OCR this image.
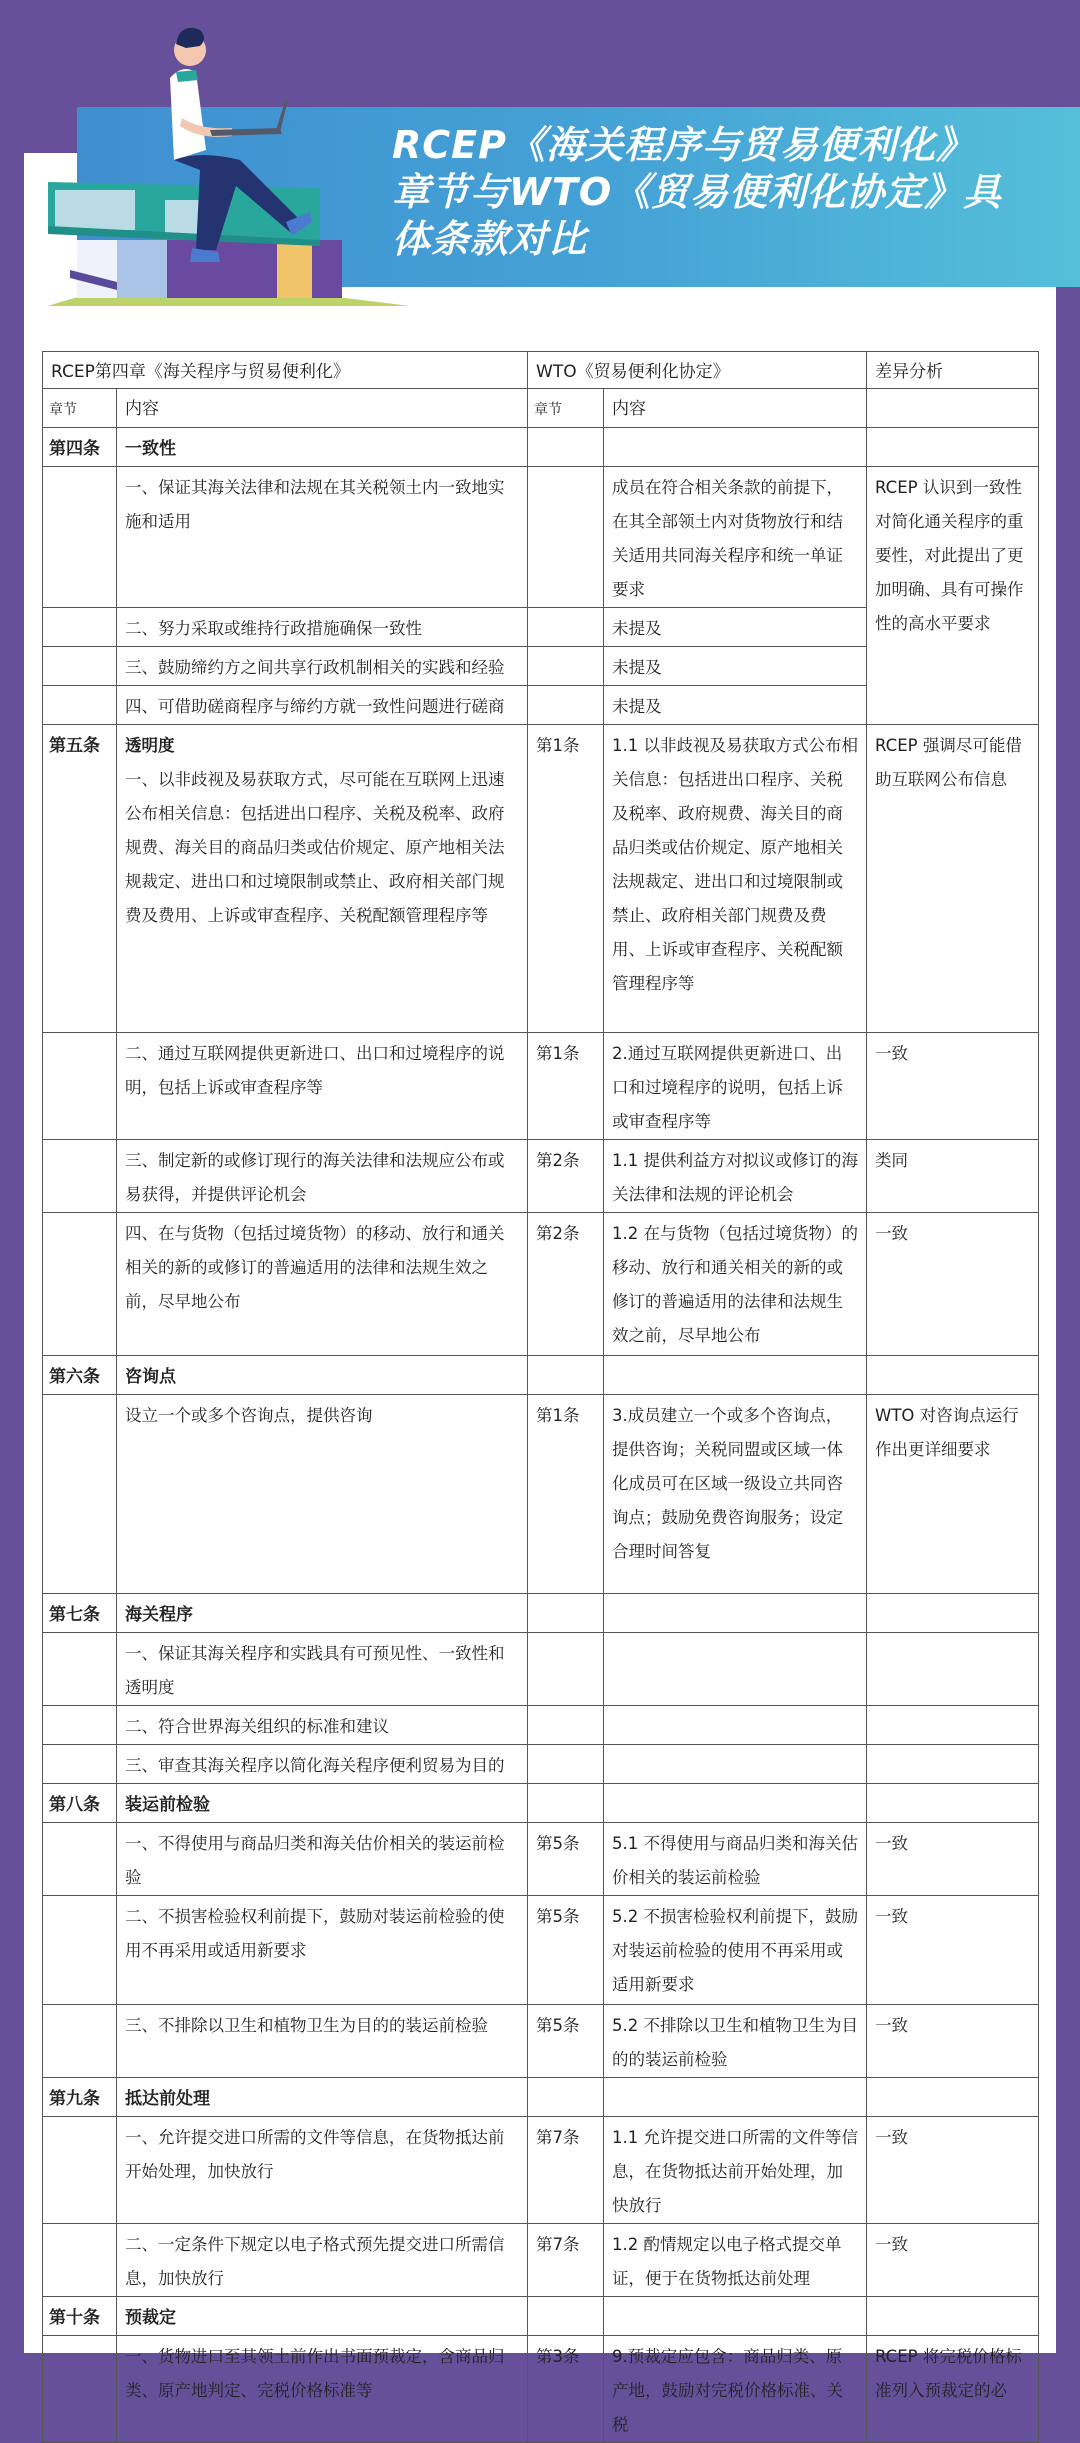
RCEP《海关程序与贸易便利化》
章节与WTO《贸易便利化协定》具
体条款对比
RCEP第四章《海关程序与贸易便利化》		WTO《贸易便利化协定》		差异分析
章节	内容	章节	内容	
第四条	一致性			
	一、保证其海关法律和法规在其关税领土内一致地实施和适用		成员在符合相关条款的前提下，在其全部领土内对货物放行和结关适用共同海关程序和统一单证要求	RCEP 认识到一致性对简化通关程序的重要性，对此提出了更加明确、具有可操作性的高水平要求
	二、努力采取或维持行政措施确保一致性		未提及	
	三、鼓励缔约方之间共享行政机制相关的实践和经验		未提及	
	四、可借助磋商程序与缔约方就一致性问题进行磋商		未提及	
第五条	透明度
一、以非歧视及易获取方式，尽可能在互联网上迅速公布相关信息：包括进出口程序、关税及税率、政府规费、海关目的商品归类或估价规定、原产地相关法规裁定、进出口和过境限制或禁止、政府相关部门规费及费用、上诉或审查程序、关税配额管理程序等	第1条	1.1 以非歧视及易获取方式公布相关信息：包括进出口程序、关税及税率、政府规费、海关目的商品归类或估价规定、原产地相关法规裁定、进出口和过境限制或禁止、政府相关部门规费及费用、上诉或审查程序、关税配额管理程序等	RCEP 强调尽可能借助互联网公布信息
	二、通过互联网提供更新进口、出口和过境程序的说明，包括上诉或审查程序等	第1条	2.通过互联网提供更新进口、出口和过境程序的说明，包括上诉或审查程序等	一致
	三、制定新的或修订现行的海关法律和法规应公布或易获得，并提供评论机会	第2条	1.1 提供利益方对拟议或修订的海关法律和法规的评论机会	类同
	四、在与货物（包括过境货物）的移动、放行和通关相关的新的或修订的普遍适用的法律和法规生效之前，尽早地公布	第2条	1.2 在与货物（包括过境货物）的移动、放行和通关相关的新的或修订的普遍适用的法律和法规生效之前，尽早地公布	一致
第六条	咨询点			
	设立一个或多个咨询点，提供咨询	第1条	3.成员建立一个或多个咨询点，提供咨询；关税同盟或区域一体化成员可在区域一级设立共同咨询点；鼓励免费咨询服务；设定合理时间答复	WTO 对咨询点运行作出更详细要求
第七条	海关程序			
	一、保证其海关程序和实践具有可预见性、一致性和透明度			
	二、符合世界海关组织的标准和建议			
	三、审查其海关程序以简化海关程序便利贸易为目的			
第八条	装运前检验			
	一、不得使用与商品归类和海关估价相关的装运前检验	第5条	5.1 不得使用与商品归类和海关估价相关的装运前检验	一致
	二、不损害检验权利前提下，鼓励对装运前检验的使用不再采用或适用新要求	第5条	5.2 不损害检验权利前提下，鼓励对装运前检验的使用不再采用或适用新要求	一致
	三、不排除以卫生和植物卫生为目的的装运前检验	第5条	5.2 不排除以卫生和植物卫生为目的的装运前检验	一致
第九条	抵达前处理			
	一、允许提交进口所需的文件等信息，在货物抵达前开始处理，加快放行	第7条	1.1 允许提交进口所需的文件等信息，在货物抵达前开始处理，加快放行	一致
	二、一定条件下规定以电子格式预先提交进口所需信息，加快放行	第7条	1.2 酌情规定以电子格式提交单证，便于在货物抵达前处理	一致
第十条	预裁定			
	一、货物进口至其领土前作出书面预裁定，含商品归类、原产地判定、完税价格标准等	第3条	9.预裁定应包含：商品归类、原产地，鼓励对完税价格标准、关税	RCEP 将完税价格标准列入预裁定的必
